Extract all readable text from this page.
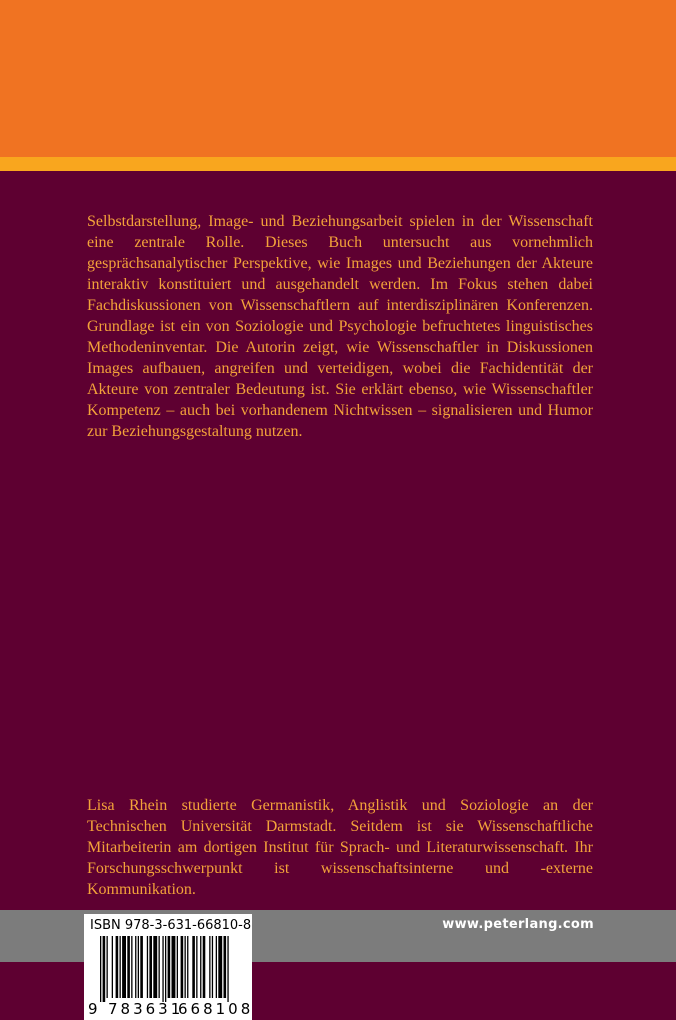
Selbstdarstellung, Image- und Beziehungsarbeit spielen in der Wissenschaft eine zentrale Rolle. Dieses Buch untersucht aus vornehmlich gesprächsanalytischer Perspektive, wie Images und Beziehungen der Akteure interaktiv konstituiert und ausgehandelt werden. Im Fokus stehen dabei Fachdiskussionen von Wissenschaftlern auf interdisziplinären Konferenzen. Grundlage ist ein von Soziologie und Psychologie befruchtetes linguistisches Methodeninventar. Die Autorin zeigt, wie Wissenschaftler in Diskussionen Images aufbauen, angreifen und verteidigen, wobei die Fachidentität der Akteure von zentraler Bedeutung ist. Sie erklärt ebenso, wie Wissenschaftler Kompetenz – auch bei vorhandenem Nichtwissen – signalisieren und Humor zur Beziehungsgestaltung nutzen.

Lisa Rhein studierte Germanistik, Anglistik und Soziologie an der Technischen Universität Darmstadt. Seitdem ist sie Wissenschaftliche Mitarbeiterin am dortigen Institut für Sprach- und Literaturwissenschaft. Ihr Forschungsschwerpunkt ist wissenschaftsinterne und -externe Kommunikation.

www.peterlang.com
ISBN 978-3-631-66810-8
9 783631
668108
